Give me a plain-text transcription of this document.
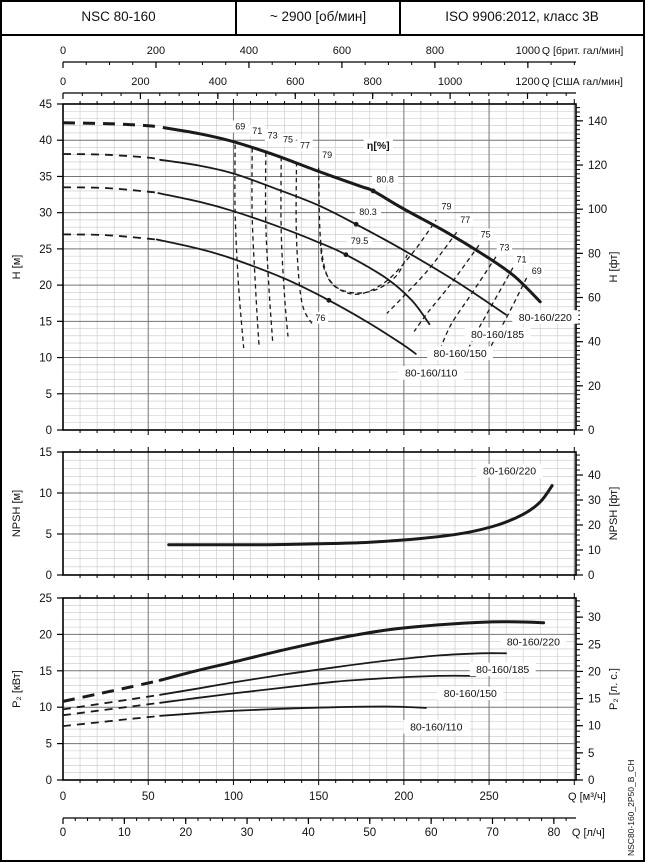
NSC 80-160	~ 2900 [об/мин]	ISO 9906:2012, класс 3В
0	200	400	600	800	1000 Q [брит. гал/мин]
0	200	400	600	800	1000	1200 Q [США гал/мин]
0
5
10
15
20
25
30
35
40
45
H [м]
0
20
40
60
80
100
120
140
H [фт]
80.8
80.3
79.5
76
69 71 73 75
77
79
79
77
75
73
71
69
η[%]
80-160/220
80-160/185
80-160/150
80-160/110
0
5
10
15
NPSH [м]
0
10
20
30
40
NPSH [фт]
80-160/220
0
5
10
15
20
25
P₂ [кВт]
0
5
10
15
20
25
30
P₂ [л. с.]
80-160/220
80-160/185
80-160/150
80-160/110
0	50	100	150	200	250	Q [м³/ч]
0	10	20	30	40	50	60	70	80 Q [л/ч] NSC80-160_2P50_B_CH
